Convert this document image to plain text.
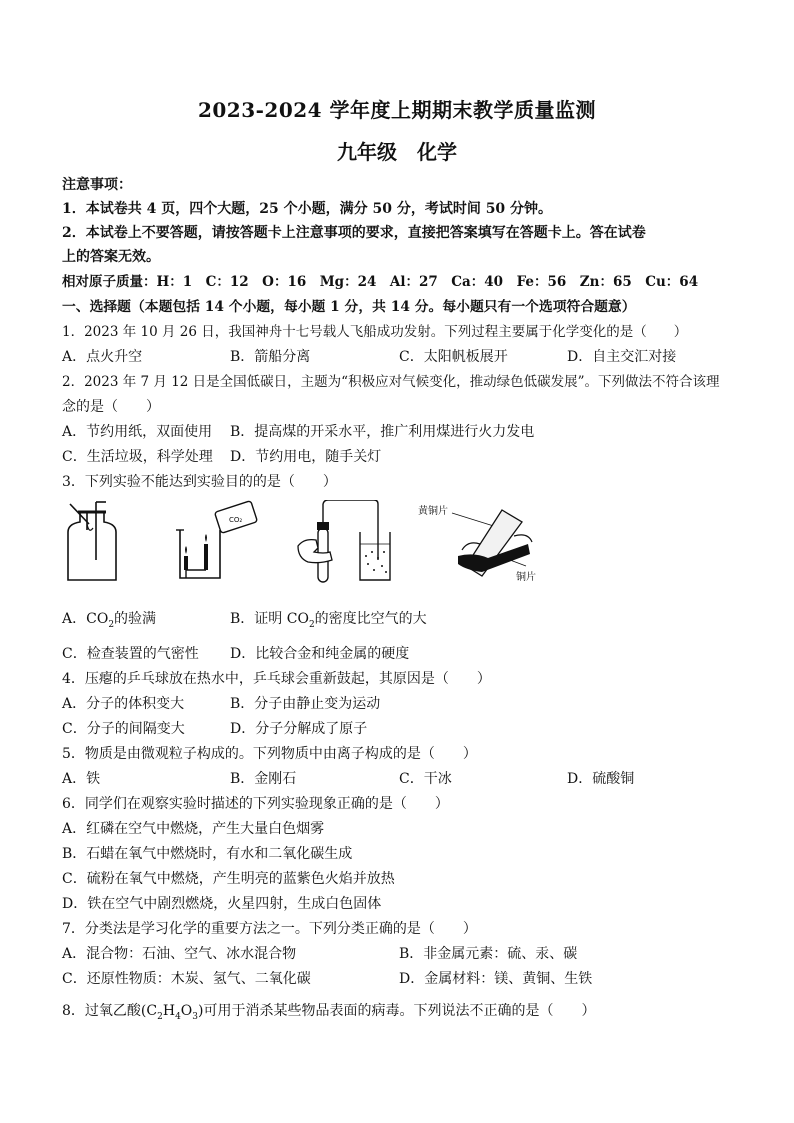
2023-2024 学年度上期期末教学质量监测
九年级　化学
注意事项：
1．本试卷共 4 页，四个大题，25 个小题，满分 50 分，考试时间 50 分钟。
2．本试卷上不要答题，请按答题卡上注意事项的要求，直接把答案填写在答题卡上。答在试卷
上的答案无效。
相对原子质量：H：1　C：12　O：16　Mg：24　Al：27　Ca：40　Fe：56　Zn：65　Cu：64
一、选择题（本题包括 14 个小题，每小题 1 分，共 14 分。每小题只有一个选项符合题意）
1．2023 年 10 月 26 日，我国神舟十七号载人飞船成功发射。下列过程主要属于化学变化的是（　　）
A．点火升空	B．箭船分离	C．太阳帆板展开	D．自主交汇对接
2．2023 年 7 月 12 日是全国低碳日，主题为“积极应对气候变化，推动绿色低碳发展”。下列做法不符合该理
念的是（　　）
A．节约用纸，双面使用 B．提高煤的开采水平，推广利用煤进行火力发电
C．生活垃圾，科学处理 D．节约用电，随手关灯
3．下列实验不能达到实验目的的是（　　）
CO₂
黄铜片
铜片
A．$CO_2$的验满	B．证明 $CO_2$的密度比空气的大
C．检查装置的气密性 D．比较合金和纯金属的硬度
4．压瘪的乒乓球放在热水中，乒乓球会重新鼓起，其原因是（　　）
A．分子的体积变大	B．分子由静止变为运动
C．分子的间隔变大	D．分子分解成了原子
5．物质是由微观粒子构成的。下列物质中由离子构成的是（　　）
A．铁	B．金刚石	C．干冰	D．硫酸铜
6．同学们在观察实验时描述的下列实验现象正确的是（　　）
A．红磷在空气中燃烧，产生大量白色烟雾
B．石蜡在氧气中燃烧时，有水和二氧化碳生成
C．硫粉在氧气中燃烧，产生明亮的蓝紫色火焰并放热
D．铁在空气中剧烈燃烧，火星四射，生成白色固体
7．分类法是学习化学的重要方法之一。下列分类正确的是（　　）
A．混合物：石油、空气、冰水混合物	B．非金属元素：硫、汞、碳
C．还原性物质：木炭、氢气、二氧化碳	D．金属材料：镁、黄铜、生铁
8．过氧乙酸$(C_2H_4O_3)$可用于消杀某些物品表面的病毒。下列说法不正确的是（　　）
